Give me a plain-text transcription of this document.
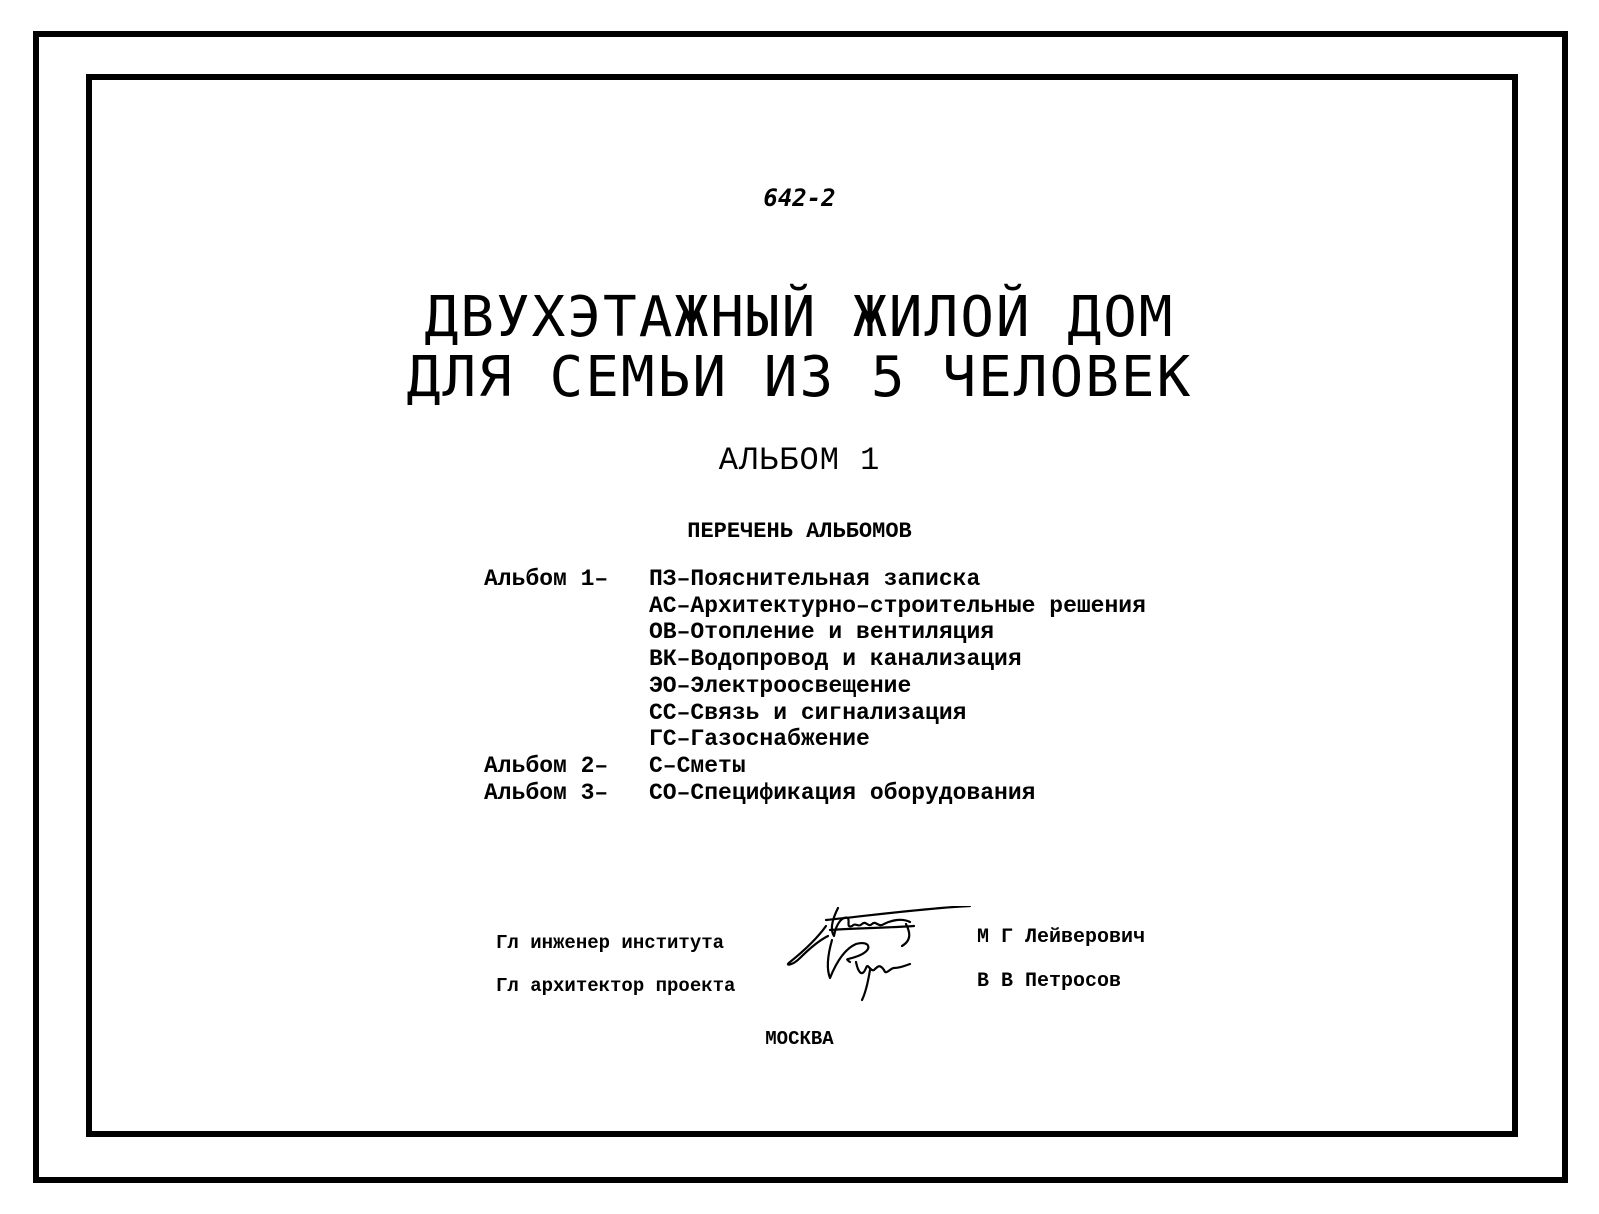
642-2
ДВУХЭТАЖНЫЙ ЖИЛОЙ ДОМ
ДЛЯ СЕМЬИ ИЗ 5 ЧЕЛОВЕК
АЛЬБОМ 1
ПЕРЕЧЕНЬ АЛЬБОМОВ
Альбом 1–	ПЗ–Пояснительная записка
АС–Архитектурно–строительные решения
ОВ–Отопление и вентиляция
ВК–Водопровод и канализация
ЭО–Электроосвещение
СС–Связь и сигнализация
ГС–Газоснабжение
Альбом 2–	С–Сметы
Альбом 3–	СО–Спецификация оборудования
Гл инженер института
Гл архитектор проекта
М Г Лейверович
В В Петросов
МОСКВА
